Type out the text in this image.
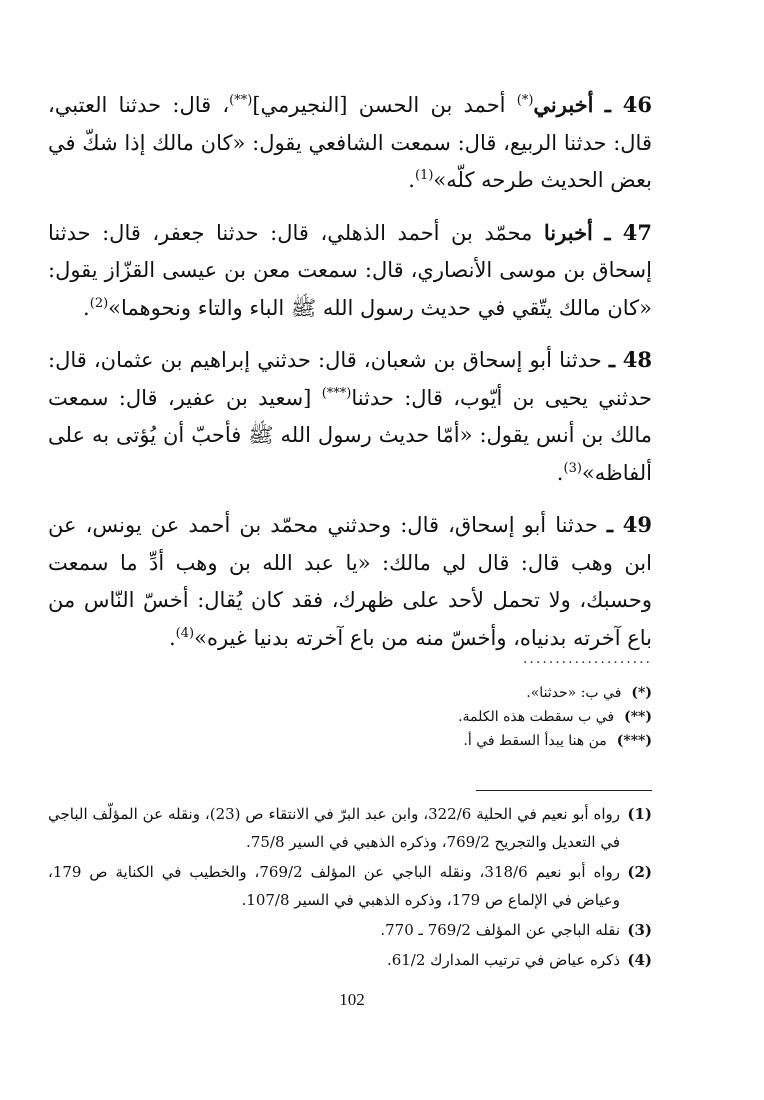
46 ـ أخبرني(*) أحمد بن الحسن [النجيرمي](**)، قال: حدثنا العتبي، قال: حدثنا الربيع، قال: سمعت الشافعي يقول: «كان مالك إذا شكّ في بعض الحديث طرحه كلّه»$^{(1)}$.

47 ـ أخبرنا محمّد بن أحمد الذهلي، قال: حدثنا جعفر، قال: حدثنا إسحاق بن موسى الأنصاري، قال: سمعت معن بن عيسى القزّاز يقول: «كان مالك يتّقي في حديث رسول الله ﷺ الباء والتاء ونحوهما»$^{(2)}$.

48 ـ حدثنا أبو إسحاق بن شعبان، قال: حدثني إبراهيم بن عثمان، قال: حدثني يحيى بن أيّوب، قال: حدثنا(***) [سعيد بن عفير، قال: سمعت مالك بن أنس يقول: «أمّا حديث رسول الله ﷺ فأحبّ أن يُؤتى به على ألفاظه»$^{(3)}$.

49 ـ حدثنا أبو إسحاق، قال: وحدثني محمّد بن أحمد عن يونس، عن ابن وهب قال: قال لي مالك: «يا عبد الله بن وهب أدِّ ما سمعت وحسبك، ولا تحمل لأحد على ظهرك، فقد كان يُقال: أخسّ النّاس من باع آخرته بدنياه، وأخسّ منه من باع آخرته بدنيا غيره»$^{(4)}$.

....................

(*)في ب: «حدثنا».

(**)في ب سقطت هذه الكلمة.

(***)من هنا يبدأ السقط في أ.

(1)
رواه أبو نعيم في الحلية 322/6، وابن عبد البرّ في الانتقاء ص (23)، ونقله عن المؤلّف الباجي في التعديل والتجريح 769/2، وذكره الذهبي في السير 75/8.
(2)
رواه أبو نعيم 318/6، ونقله الباجي عن المؤلف 769/2، والخطيب في الكناية ص 179، وعياض في الإلماع ص 179، وذكره الذهبي في السير 107/8.
(3)
نقله الباجي عن المؤلف 769/2 ـ 770.
(4)
ذكره عياض في ترتيب المدارك 61/2.
102
